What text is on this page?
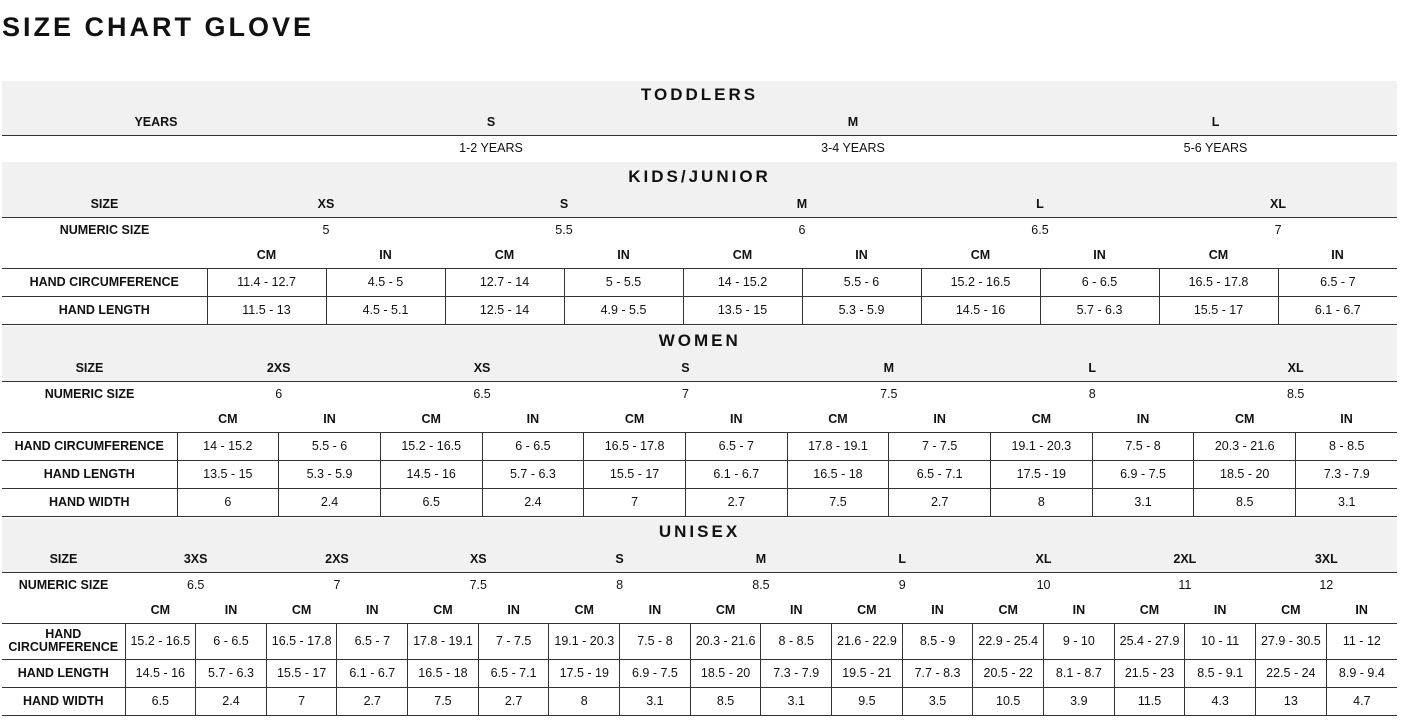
SIZE CHART GLOVE
TODDLERS			
YEARS	S	M	L
	1-2 YEARS	3-4 YEARS	5-6 YEARS
KIDS/JUNIOR										
SIZE	XS		S		M		L		XL	
NUMERIC SIZE	5		5.5		6		6.5		7	
	CM	IN	CM	IN	CM	IN	CM	IN	CM	IN
HAND CIRCUMFERENCE	11.4 - 12.7	4.5 - 5	12.7 - 14	5 - 5.5	14 - 15.2	5.5 - 6	15.2 - 16.5	6 - 6.5	16.5 - 17.8	6.5 - 7
HAND LENGTH	11.5 - 13	4.5 - 5.1	12.5 - 14	4.9 - 5.5	13.5 - 15	5.3 - 5.9	14.5 - 16	5.7 - 6.3	15.5 - 17	6.1 - 6.7
WOMEN												
SIZE	2XS		XS		S		M		L		XL	
NUMERIC SIZE	6		6.5		7		7.5		8		8.5	
	CM	IN	CM	IN	CM	IN	CM	IN	CM	IN	CM	IN
HAND CIRCUMFERENCE	14 - 15.2	5.5 - 6	15.2 - 16.5	6 - 6.5	16.5 - 17.8	6.5 - 7	17.8 - 19.1	7 - 7.5	19.1 - 20.3	7.5 - 8	20.3 - 21.6	8 - 8.5
HAND LENGTH	13.5 - 15	5.3 - 5.9	14.5 - 16	5.7 - 6.3	15.5 - 17	6.1 - 6.7	16.5 - 18	6.5 - 7.1	17.5 - 19	6.9 - 7.5	18.5 - 20	7.3 - 7.9
HAND WIDTH	6	2.4	6.5	2.4	7	2.7	7.5	2.7	8	3.1	8.5	3.1
UNISEX																		
SIZE	3XS		2XS		XS		S		M		L		XL		2XL		3XL	
NUMERIC SIZE	6.5		7		7.5		8		8.5		9		10		11		12	
	CM	IN	CM	IN	CM	IN	CM	IN	CM	IN	CM	IN	CM	IN	CM	IN	CM	IN
HAND CIRCUMFERENCE	15.2 - 16.5	6 - 6.5	16.5 - 17.8	6.5 - 7	17.8 - 19.1	7 - 7.5	19.1 - 20.3	7.5 - 8	20.3 - 21.6	8 - 8.5	21.6 - 22.9	8.5 - 9	22.9 - 25.4	9 - 10	25.4 - 27.9	10 - 11	27.9 - 30.5	11 - 12
HAND LENGTH	14.5 - 16	5.7 - 6.3	15.5 - 17	6.1 - 6.7	16.5 - 18	6.5 - 7.1	17.5 - 19	6.9 - 7.5	18.5 - 20	7.3 - 7.9	19.5 - 21	7.7 - 8.3	20.5 - 22	8.1 - 8.7	21.5 - 23	8.5 - 9.1	22.5 - 24	8.9 - 9.4
HAND WIDTH	6.5	2.4	7	2.7	7.5	2.7	8	3.1	8.5	3.1	9.5	3.5	10.5	3.9	11.5	4.3	13	4.7
